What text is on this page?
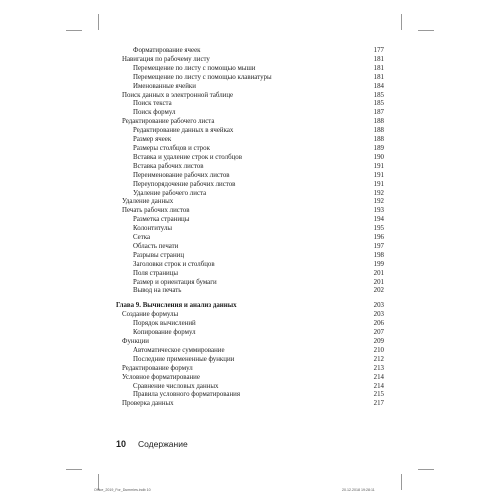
Форматирование ячеек	177
Навигация по рабочему листу	181
Перемещение по листу с помощью мыши	181
Перемещение по листу с помощью клавиатуры	181
Именованные ячейки	184
Поиск данных в электронной таблице	185
Поиск текста	185
Поиск формул	187
Редактирование рабочего листа	188
Редактирование данных в ячейках	188
Размер ячеек	188
Размеры столбцов и строк	189
Вставка и удаление строк и столбцов	190
Вставка рабочих листов	191
Переименование рабочих листов	191
Переупорядочение рабочих листов	191
Удаление рабочего листа	192
Удаление данных	192
Печать рабочих листов	193
Разметка страницы	194
Колонтитулы	195
Сетка	196
Область печати	197
Разрывы страниц	198
Заголовки строк и столбцов	199
Поля страницы	201
Размер и ориентация бумаги	201
Вывод на печать	202
Глава 9. Вычисления и анализ данных	203
Создание формулы	203
Порядок вычислений	206
Копирование формул	207
Функции	209
Автоматическое суммирование	210
Последние примененные функции	212
Редактирование формул	213
Условное форматирование	214
Сравнение числовых данных	214
Правила условного форматирования	215
Проверка данных	217
10 Содержание
Office_2019_For_Dummies.indb 10	20.12.2018 19:28:11
